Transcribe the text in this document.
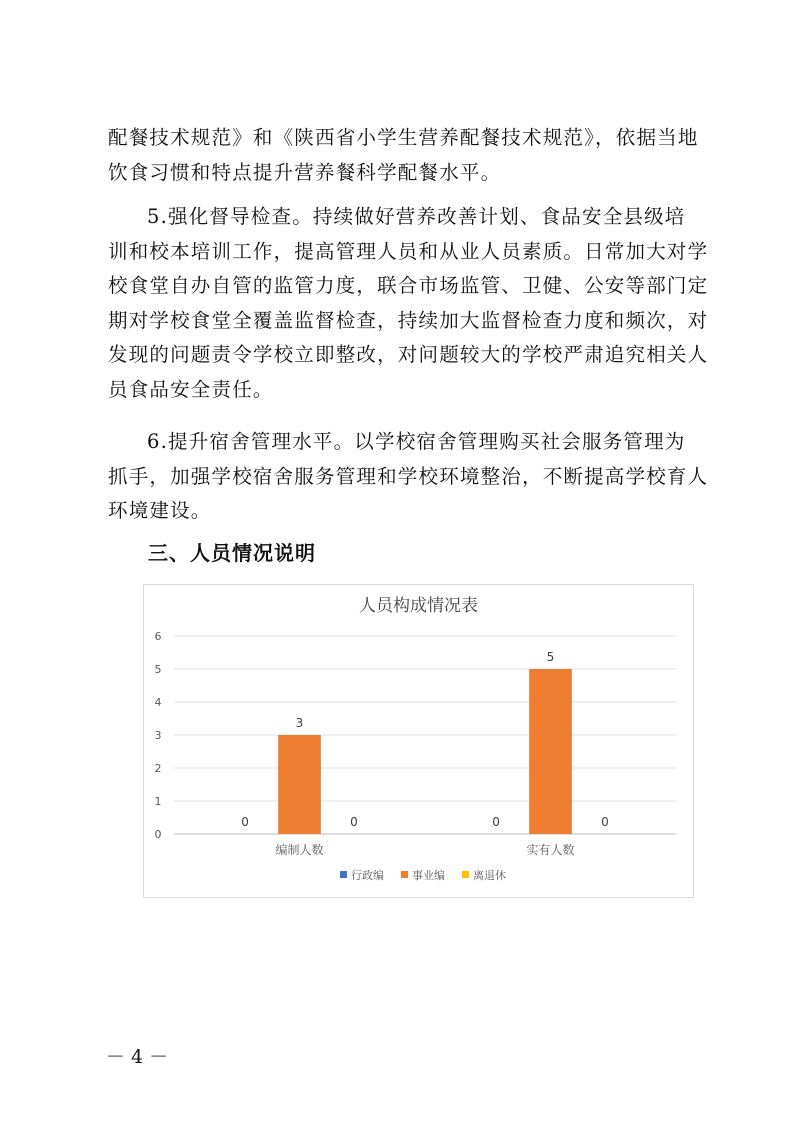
配餐技术规范》和《陕西省小学生营养配餐技术规范》，依据当地
饮食习惯和特点提升营养餐科学配餐水平。

5.强化督导检查。持续做好营养改善计划、食品安全县级培
训和校本培训工作，提高管理人员和从业人员素质。日常加大对学
校食堂自办自管的监管力度，联合市场监管、卫健、公安等部门定
期对学校食堂全覆盖监督检查，持续加大监督检查力度和频次，对
发现的问题责令学校立即整改，对问题较大的学校严肃追究相关人
员食品安全责任。

6.提升宿舍管理水平。以学校宿舍管理购买社会服务管理为
抓手，加强学校宿舍服务管理和学校环境整治，不断提高学校育人
环境建设。

三、人员情况说明
人员构成情况表
0
1
2
3
4
5
6
0
3
0	0
5
0
编制人数	实有人数
行政编	事业编	离退休

－ 4 －
